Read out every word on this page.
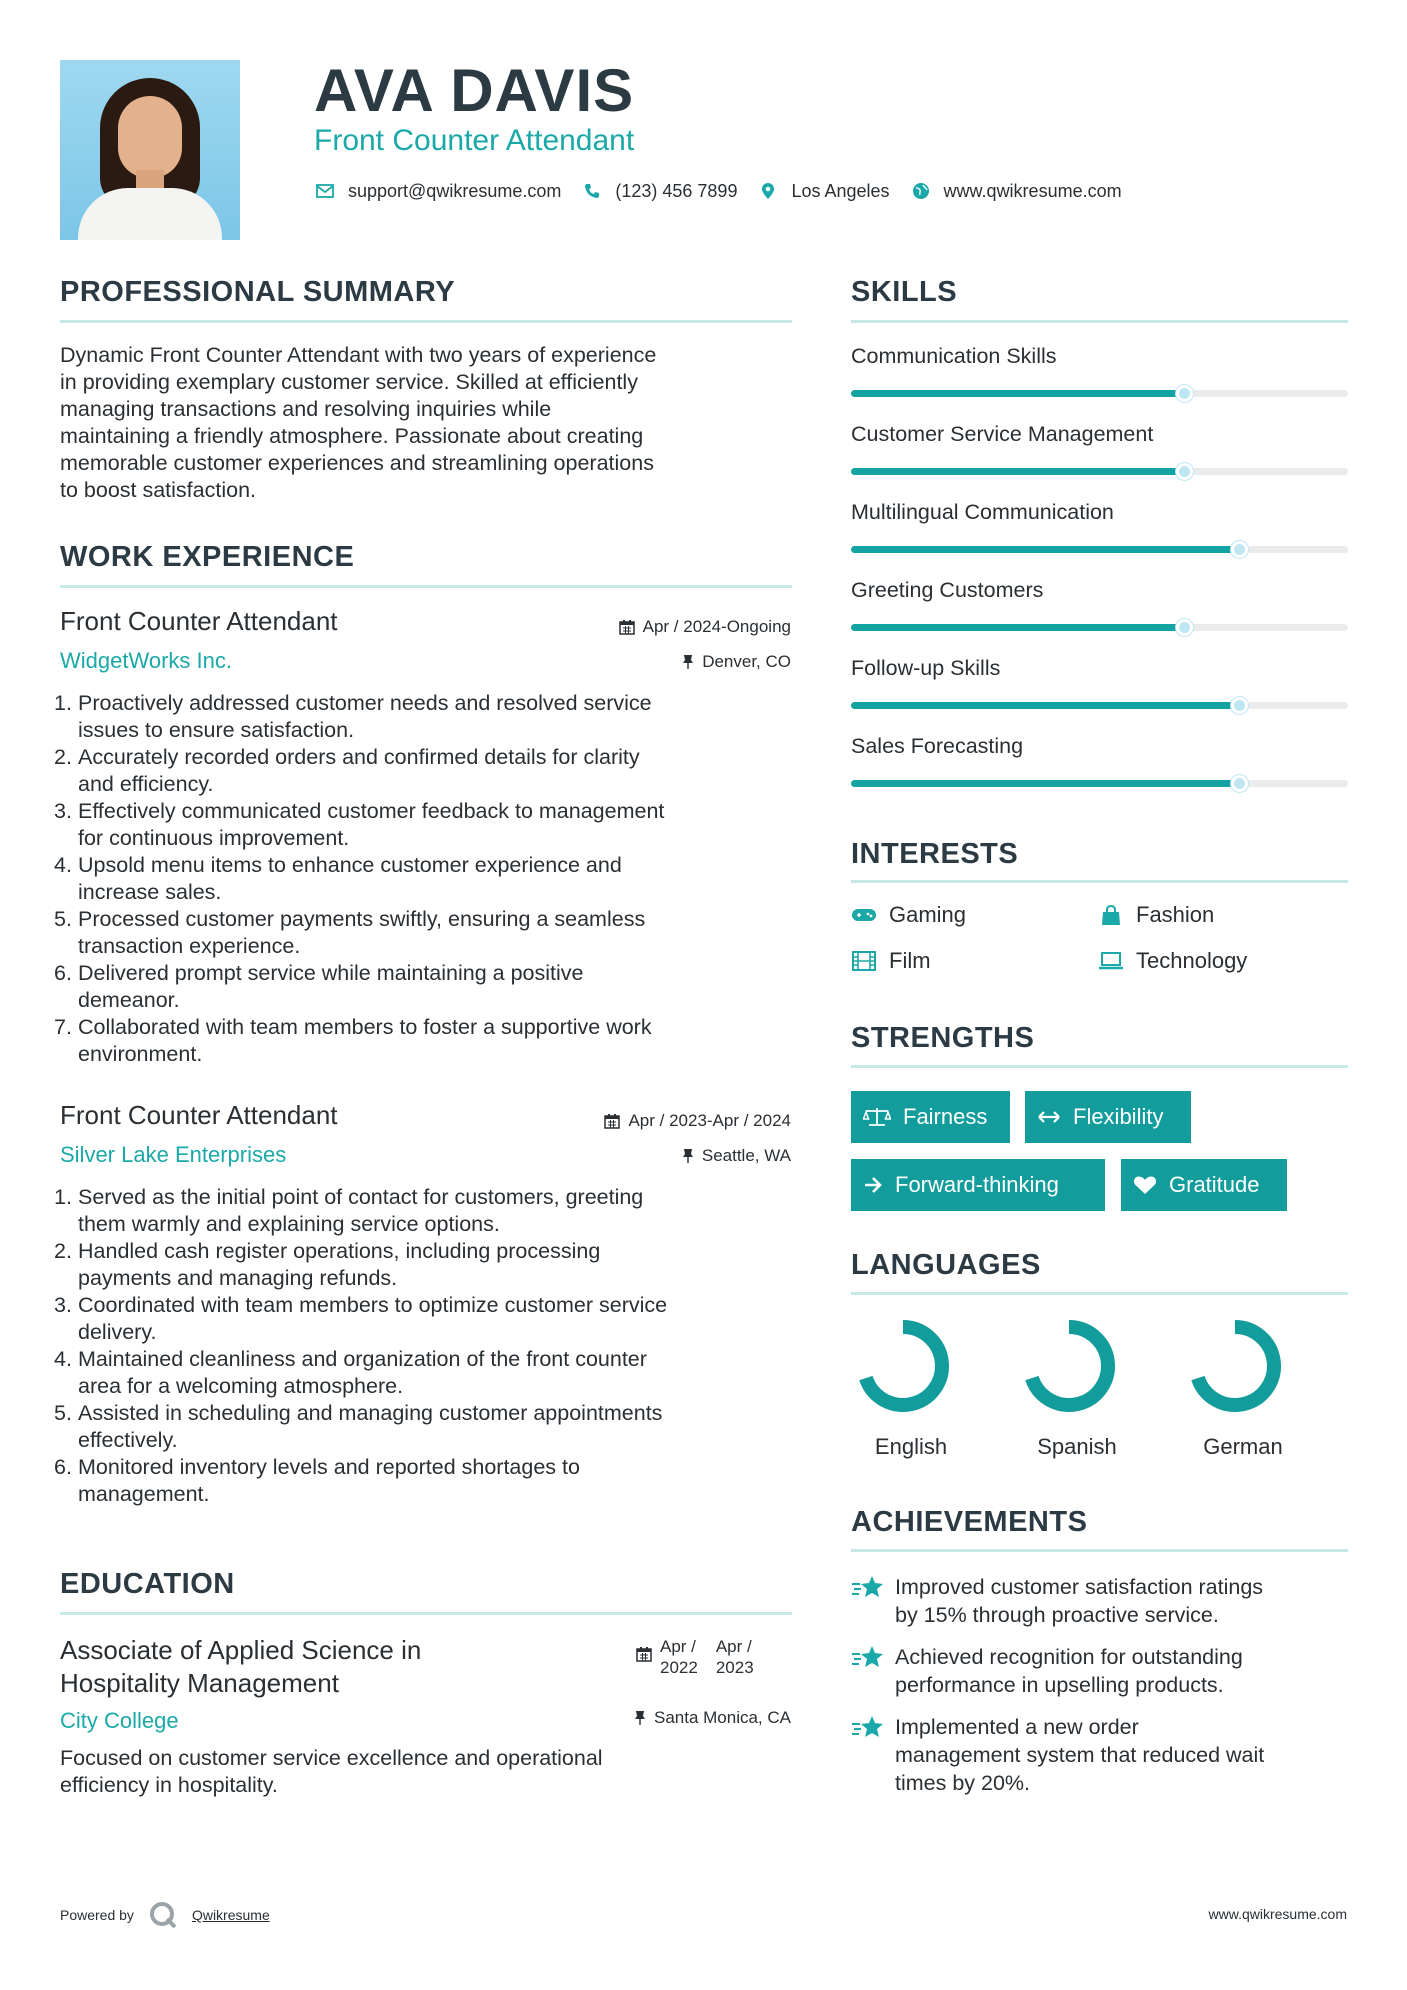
AVA DAVIS
Front Counter Attendant
support@qwikresume.com	(123) 456 7899	Los Angeles	www.qwikresume.com
PROFESSIONAL SUMMARY
Dynamic Front Counter Attendant with two years of experience
in providing exemplary customer service. Skilled at efficiently
managing transactions and resolving inquiries while
maintaining a friendly atmosphere. Passionate about creating
memorable customer experiences and streamlining operations
to boost satisfaction.
WORK EXPERIENCE
Front Counter Attendant	Apr / 2024-Ongoing
WidgetWorks Inc.	Denver, CO
1. Proactively addressed customer needs and resolved service
issues to ensure satisfaction.
2. Accurately recorded orders and confirmed details for clarity
and efficiency.
3. Effectively communicated customer feedback to management
for continuous improvement.
4. Upsold menu items to enhance customer experience and
increase sales.
5. Processed customer payments swiftly, ensuring a seamless
transaction experience.
6. Delivered prompt service while maintaining a positive
demeanor.
7. Collaborated with team members to foster a supportive work
environment.
Front Counter Attendant	Apr / 2023-Apr / 2024
Silver Lake Enterprises	Seattle, WA
1. Served as the initial point of contact for customers, greeting
them warmly and explaining service options.
2. Handled cash register operations, including processing
payments and managing refunds.
3. Coordinated with team members to optimize customer service
delivery.
4. Maintained cleanliness and organization of the front counter
area for a welcoming atmosphere.
5. Assisted in scheduling and managing customer appointments
effectively.
6. Monitored inventory levels and reported shortages to
management.
EDUCATION
Associate of Applied Science in
Hospitality Management
Apr /
2022
Apr /
2023
City College	Santa Monica, CA
Focused on customer service excellence and operational
efficiency in hospitality.
SKILLS
Communication Skills
Customer Service Management
Multilingual Communication
Greeting Customers
Follow-up Skills
Sales Forecasting
INTERESTS
Gaming	Fashion
Film	Technology
STRENGTHS
Fairness	Flexibility
Forward-thinking	Gratitude
LANGUAGES
English	Spanish	German
ACHIEVEMENTS
Improved customer satisfaction ratings
by 15% through proactive service.
Achieved recognition for outstanding
performance in upselling products.
Implemented a new order
management system that reduced wait
times by 20%.
Powered by	Qwikresume	www.qwikresume.com
